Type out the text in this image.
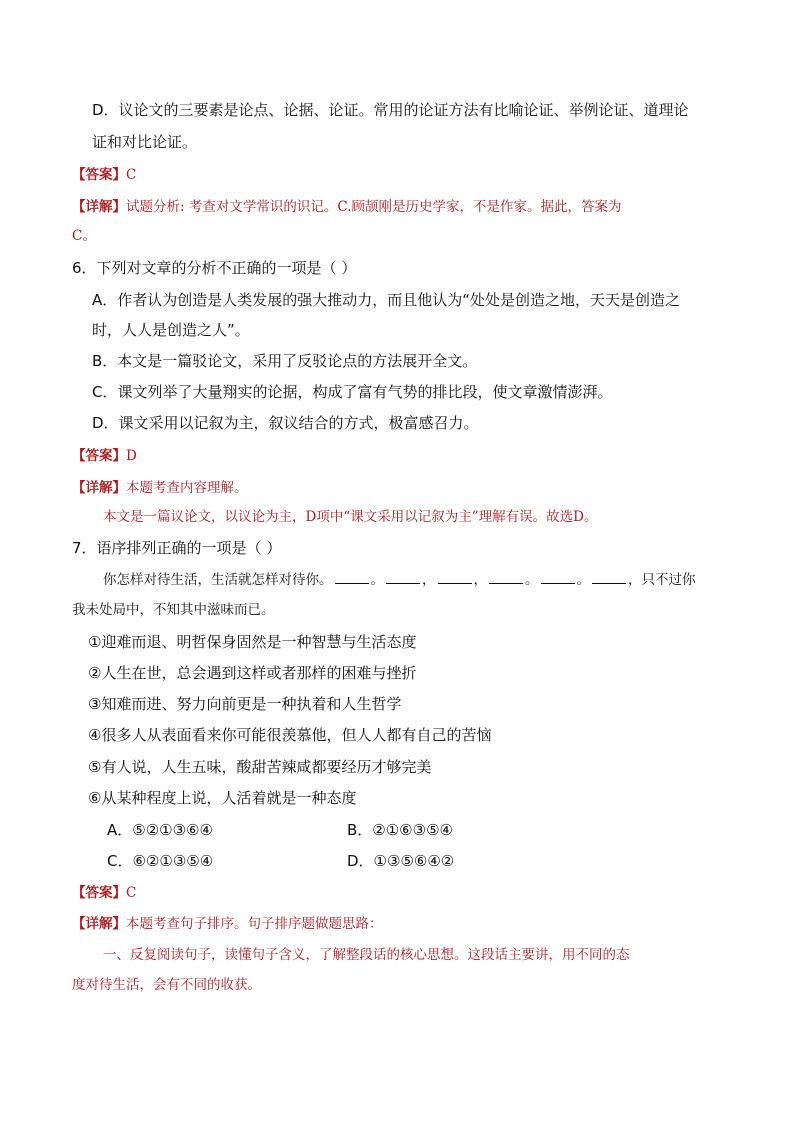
D．议论文的三要素是论点、论据、论证。常用的论证方法有比喻论证、举例论证、道理论
证和对比论证。
【答案】C
【详解】试题分析: 考查对文学常识的识记。C.顾颉刚是历史学家，不是作家。据此，答案为
C。
6．下列对文章的分析不正确的一项是（ ）
A．作者认为创造是人类发展的强大推动力，而且他认为“处处是创造之地，天天是创造之
时，人人是创造之人”。
B．本文是一篇驳论文，采用了反驳论点的方法展开全文。
C．课文列举了大量翔实的论据，构成了富有气势的排比段，使文章激情澎湃。
D．课文采用以记叙为主，叙议结合的方式，极富感召力。
【答案】D
【详解】本题考查内容理解。
本文是一篇议论文，以议论为主，D项中“课文采用以记叙为主”理解有误。故选D。
7．语序排列正确的一项是（ ）
你怎样对待生活，生活就怎样对待你。	。	，	，	。	。	，只不过你
我未处局中，不知其中滋味而已。
①迎难而退、明哲保身固然是一种智慧与生活态度
②人生在世，总会遇到这样或者那样的困难与挫折
③知难而进、努力向前更是一种执着和人生哲学
④很多人从表面看来你可能很羡慕他，但人人都有自己的苦恼
⑤有人说，人生五味，酸甜苦辣咸都要经历才够完美
⑥从某种程度上说，人活着就是一种态度
A．⑤②①③⑥④	B．②①⑥③⑤④
C．⑥②①③⑤④	D．①③⑤⑥④②
【答案】C
【详解】本题考查句子排序。句子排序题做题思路：
一、反复阅读句子，读懂句子含义，了解整段话的核心思想。这段话主要讲，用不同的态
度对待生活，会有不同的收获。
